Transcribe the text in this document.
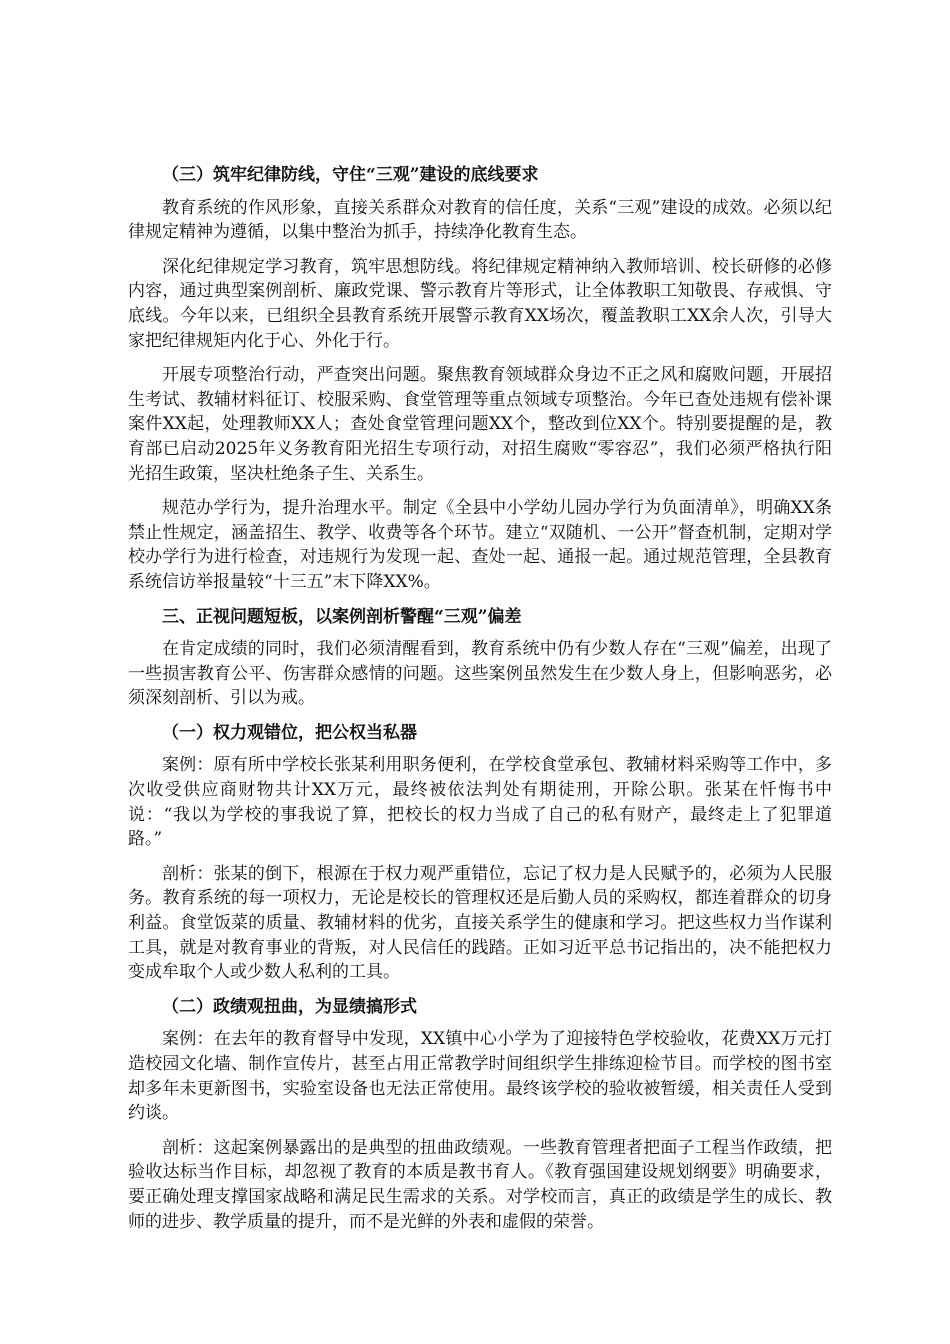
（三）筑牢纪律防线，守住“三观”建设的底线要求

教育系统的作风形象，直接关系群众对教育的信任度，关系“三观”建设的成效。必须以纪律规定精神为遵循，以集中整治为抓手，持续净化教育生态。

深化纪律规定学习教育，筑牢思想防线。将纪律规定精神纳入教师培训、校长研修的必修内容，通过典型案例剖析、廉政党课、警示教育片等形式，让全体教职工知敬畏、存戒惧、守底线。今年以来，已组织全县教育系统开展警示教育XX场次，覆盖教职工XX余人次，引导大家把纪律规矩内化于心、外化于行。

开展专项整治行动，严查突出问题。聚焦教育领域群众身边不正之风和腐败问题，开展招生考试、教辅材料征订、校服采购、食堂管理等重点领域专项整治。今年已查处违规有偿补课案件XX起，处理教师XX人；查处食堂管理问题XX个，整改到位XX个。特别要提醒的是，教育部已启动2025年义务教育阳光招生专项行动，对招生腐败“零容忍”，我们必须严格执行阳光招生政策，坚决杜绝条子生、关系生。

规范办学行为，提升治理水平。制定《全县中小学幼儿园办学行为负面清单》，明确XX条禁止性规定，涵盖招生、教学、收费等各个环节。建立“双随机、一公开”督查机制，定期对学校办学行为进行检查，对违规行为发现一起、查处一起、通报一起。通过规范管理，全县教育系统信访举报量较“十三五”末下降XX%。

三、正视问题短板，以案例剖析警醒“三观”偏差

在肯定成绩的同时，我们必须清醒看到，教育系统中仍有少数人存在“三观”偏差，出现了一些损害教育公平、伤害群众感情的问题。这些案例虽然发生在少数人身上，但影响恶劣，必须深刻剖析、引以为戒。

（一）权力观错位，把公权当私器

案例：原有所中学校长张某利用职务便利，在学校食堂承包、教辅材料采购等工作中，多次收受供应商财物共计XX万元，最终被依法判处有期徒刑，开除公职。张某在忏悔书中说：“我以为学校的事我说了算，把校长的权力当成了自己的私有财产，最终走上了犯罪道路。”

剖析：张某的倒下，根源在于权力观严重错位，忘记了权力是人民赋予的，必须为人民服务。教育系统的每一项权力，无论是校长的管理权还是后勤人员的采购权，都连着群众的切身利益。食堂饭菜的质量、教辅材料的优劣，直接关系学生的健康和学习。把这些权力当作谋利工具，就是对教育事业的背叛，对人民信任的践踏。正如习近平总书记指出的，决不能把权力变成牟取个人或少数人私利的工具。

（二）政绩观扭曲，为显绩搞形式

案例：在去年的教育督导中发现，XX镇中心小学为了迎接特色学校验收，花费XX万元打造校园文化墙、制作宣传片，甚至占用正常教学时间组织学生排练迎检节目。而学校的图书室却多年未更新图书，实验室设备也无法正常使用。最终该学校的验收被暂缓，相关责任人受到约谈。

剖析：这起案例暴露出的是典型的扭曲政绩观。一些教育管理者把面子工程当作政绩，把验收达标当作目标，却忽视了教育的本质是教书育人。《教育强国建设规划纲要》明确要求，要正确处理支撑国家战略和满足民生需求的关系。对学校而言，真正的政绩是学生的成长、教师的进步、教学质量的提升，而不是光鲜的外表和虚假的荣誉。
